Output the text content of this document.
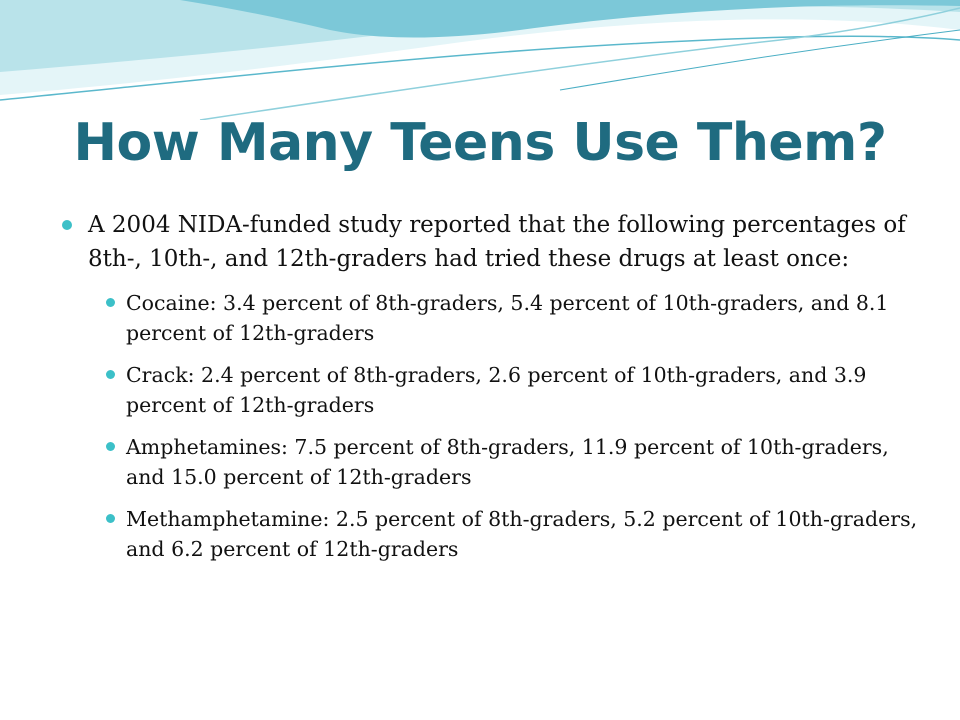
How Many Teens Use Them?
A 2004 NIDA-funded study reported that the following percentages of 8th-, 10th-, and 12th-graders had tried these drugs at least once:
Cocaine: 3.4 percent of 8th-graders, 5.4 percent of 10th-graders, and 8.1 percent of 12th-graders
Crack: 2.4 percent of 8th-graders, 2.6 percent of 10th-graders, and 3.9 percent of 12th-graders
Amphetamines: 7.5 percent of 8th-graders, 11.9 percent of 10th-graders, and 15.0 percent of 12th-graders
Methamphetamine: 2.5 percent of 8th-graders, 5.2 percent of 10th-graders, and 6.2 percent of 12th-graders
